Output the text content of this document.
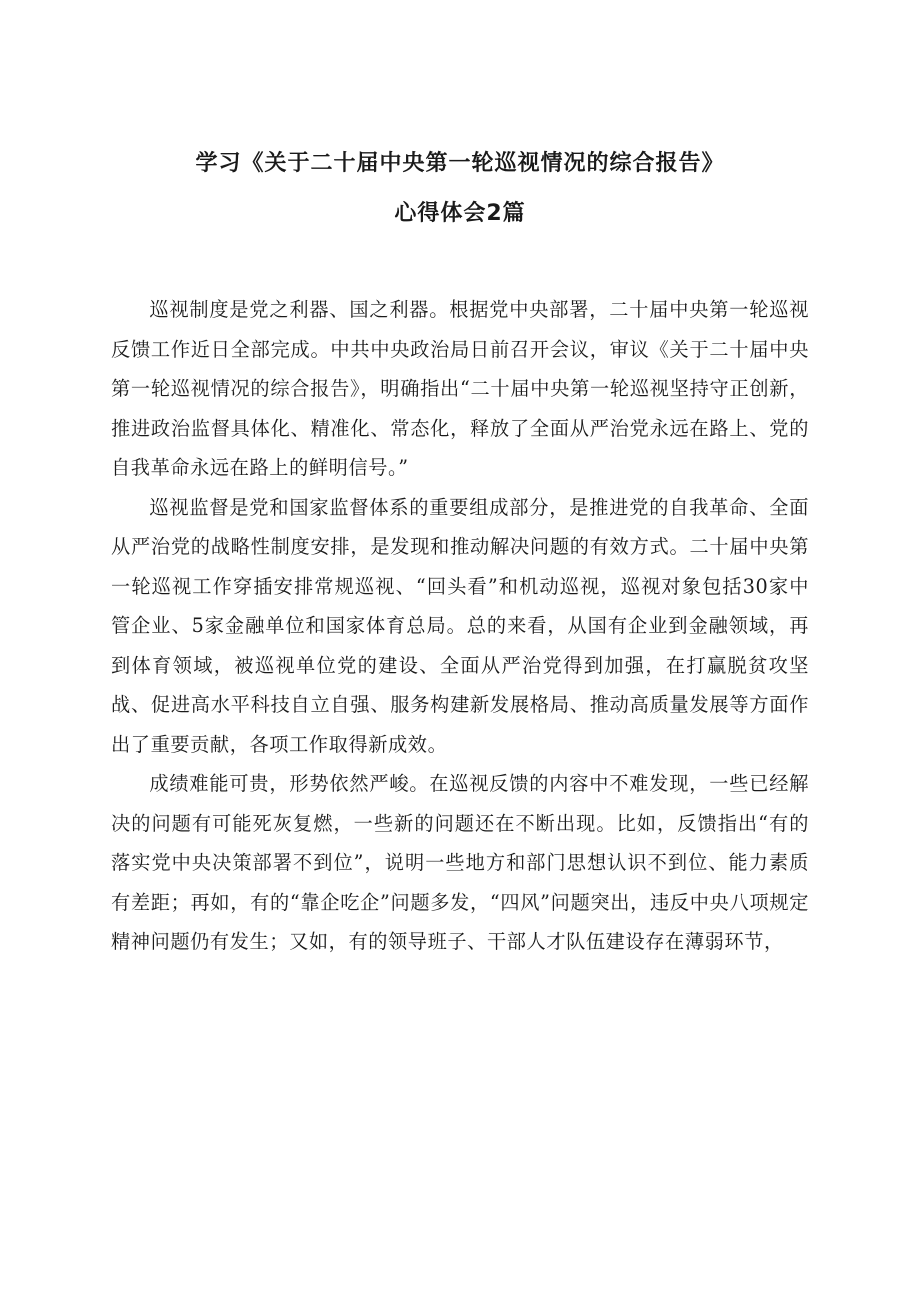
学习《关于二十届中央第一轮巡视情况的综合报告》
心得体会2篇

巡视制度是党之利器、国之利器。根据党中央部署，二十届中央第一轮巡视反馈工作近日全部完成。中共中央政治局日前召开会议，审议《关于二十届中央第一轮巡视情况的综合报告》，明确指出“二十届中央第一轮巡视坚持守正创新，推进政治监督具体化、精准化、常态化，释放了全面从严治党永远在路上、党的自我革命永远在路上的鲜明信号。”

巡视监督是党和国家监督体系的重要组成部分，是推进党的自我革命、全面从严治党的战略性制度安排，是发现和推动解决问题的有效方式。二十届中央第一轮巡视工作穿插安排常规巡视、“回头看”和机动巡视，巡视对象包括30家中管企业、5家金融单位和国家体育总局。总的来看，从国有企业到金融领域，再到体育领域，被巡视单位党的建设、全面从严治党得到加强，在打赢脱贫攻坚战、促进高水平科技自立自强、服务构建新发展格局、推动高质量发展等方面作出了重要贡献，各项工作取得新成效。

成绩难能可贵，形势依然严峻。在巡视反馈的内容中不难发现，一些已经解决的问题有可能死灰复燃，一些新的问题还在不断出现。比如，反馈指出“有的落实党中央决策部署不到位”，说明一些地方和部门思想认识不到位、能力素质有差距；再如，有的“靠企吃企”问题多发，“四风”问题突出，违反中央八项规定精神问题仍有发生；又如，有的领导班子、干部人才队伍建设存在薄弱环节，
